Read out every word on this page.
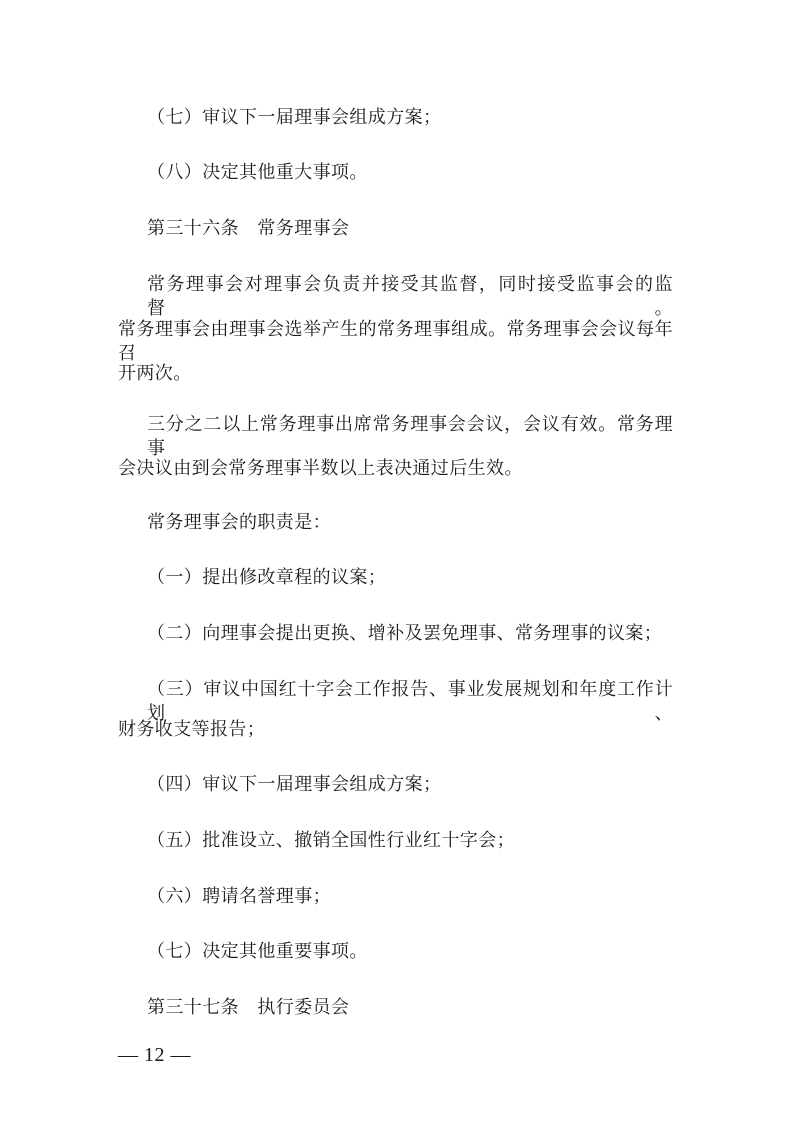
（七）审议下一届理事会组成方案；
（八）决定其他重大事项。
第三十六条　常务理事会
常务理事会对理事会负责并接受其监督，同时接受监事会的监督。
常务理事会由理事会选举产生的常务理事组成。常务理事会会议每年召
开两次。
三分之二以上常务理事出席常务理事会会议，会议有效。常务理事
会决议由到会常务理事半数以上表决通过后生效。
常务理事会的职责是：
（一）提出修改章程的议案；
（二）向理事会提出更换、增补及罢免理事、常务理事的议案；
（三）审议中国红十字会工作报告、事业发展规划和年度工作计划、
财务收支等报告；
（四）审议下一届理事会组成方案；
（五）批准设立、撤销全国性行业红十字会；
（六）聘请名誉理事；
（七）决定其他重要事项。
第三十七条　执行委员会
— 12 —
